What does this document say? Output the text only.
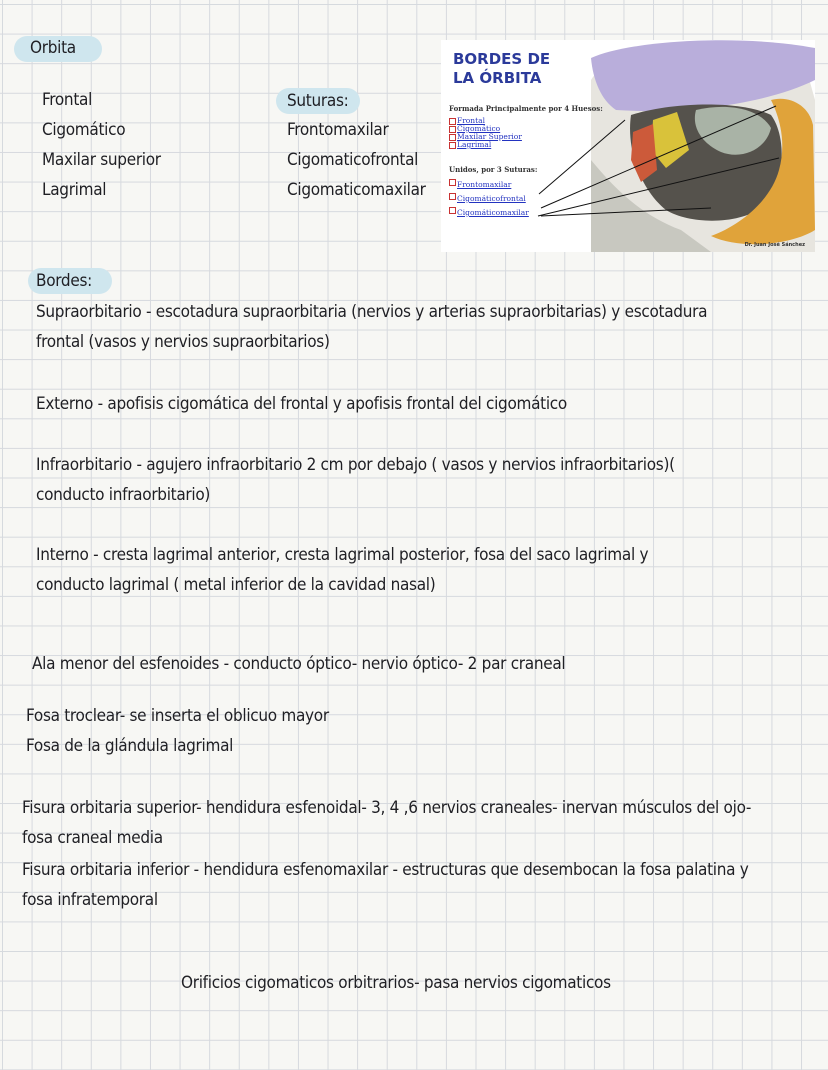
Orbita
Frontal
Cigomático
Maxilar superior
Lagrimal
Suturas:
Frontomaxilar
Cigomaticofrontal
Cigomaticomaxilar
BORDES DE
LA ÓRBITA
Formada Principalmente por 4 Huesos:
Frontal
Cigomático
Maxilar Superior
Lagrimal
Unidos, por 3 Suturas:
Frontomaxilar
Cigomáticofrontal
Cigomáticomaxilar
Dr. Juan José Sánchez
Bordes:
Supraorbitario - escotadura supraorbitaria (nervios y arterias supraorbitarias) y escotadura frontal (vasos y nervios supraorbitarios)
Externo - apofisis cigomática del frontal y apofisis frontal del cigomático
Infraorbitario - agujero infraorbitario 2 cm por debajo ( vasos y nervios infraorbitarios)( conducto infraorbitario)
Interno - cresta lagrimal anterior, cresta lagrimal posterior, fosa del saco lagrimal y conducto lagrimal ( metal inferior de la cavidad nasal)
Ala menor del esfenoides - conducto óptico- nervio óptico- 2 par craneal
Fosa troclear- se inserta el oblicuo mayor
Fosa de la glándula lagrimal
Fisura orbitaria superior- hendidura esfenoidal- 3, 4 ,6 nervios craneales- inervan músculos del ojo- fosa craneal media
Fisura orbitaria inferior - hendidura esfenomaxilar - estructuras que desembocan la fosa palatina y fosa infratemporal
Orificios cigomaticos orbitrarios- pasa nervios cigomaticos
